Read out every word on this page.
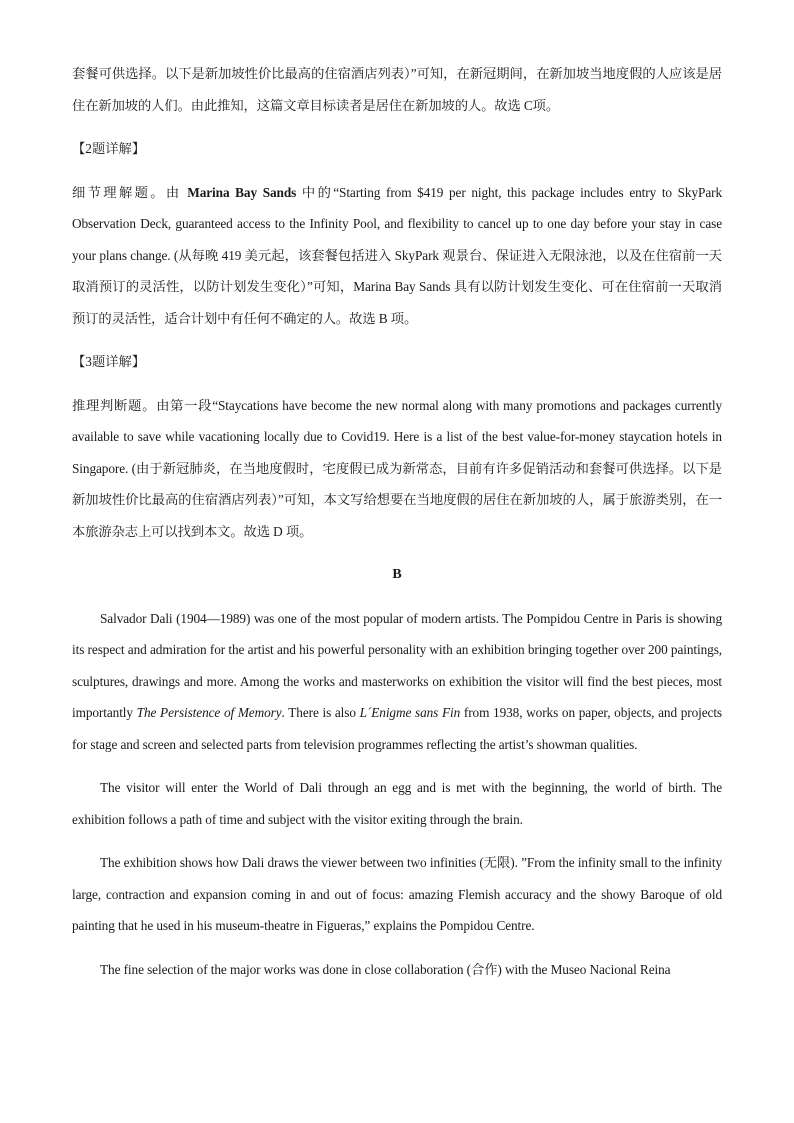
套餐可供选择。以下是新加坡性价比最高的住宿酒店列表）”可知，在新冠期间，在新加坡当地度假的人应该是居住在新加坡的人们。由此推知，这篇文章目标读者是居住在新加坡的人。故选 C项。

【2题详解】

细节理解题。由 Marina Bay Sands 中的“Starting from $419 per night, this package includes entry to SkyPark Observation Deck, guaranteed access to the Infinity Pool, and flexibility to cancel up to one day before your stay in case your plans change. (从每晚 419 美元起，该套餐包括进入 SkyPark 观景台、保证进入无限泳池，以及在住宿前一天取消预订的灵活性，以防计划发生变化）”可知，Marina Bay Sands 具有以防计划发生变化、可在住宿前一天取消预订的灵活性，适合计划中有任何不确定的人。故选 B 项。

【3题详解】

推理判断题。由第一段“Staycations have become the new normal along with many promotions and packages currently available to save while vacationing locally due to Covid19. Here is a list of the best value-for-money staycation hotels in Singapore. (由于新冠肺炎，在当地度假时，宅度假已成为新常态，目前有许多促销活动和套餐可供选择。以下是新加坡性价比最高的住宿酒店列表）”可知，本文写给想要在当地度假的居住在新加坡的人，属于旅游类别，在一本旅游杂志上可以找到本文。故选 D 项。

B

Salvador Dali (1904—1989) was one of the most popular of modern artists. The Pompidou Centre in Paris is showing its respect and admiration for the artist and his powerful personality with an exhibition bringing together over 200 paintings, sculptures, drawings and more. Among the works and masterworks on exhibition the visitor will find the best pieces, most importantly The Persistence of Memory. There is also L´Enigme sans Fin from 1938, works on paper, objects, and projects for stage and screen and selected parts from television programmes reflecting the artist’s showman qualities.

The visitor will enter the World of Dali through an egg and is met with the beginning, the world of birth. The exhibition follows a path of time and subject with the visitor exiting through the brain.

The exhibition shows how Dali draws the viewer between two infinities (无限). ”From the infinity small to the infinity large, contraction and expansion coming in and out of focus: amazing Flemish accuracy and the showy Baroque of old painting that he used in his museum-theatre in Figueras,” explains the Pompidou Centre.

The fine selection of the major works was done in close collaboration (合作) with the Museo Nacional Reina
